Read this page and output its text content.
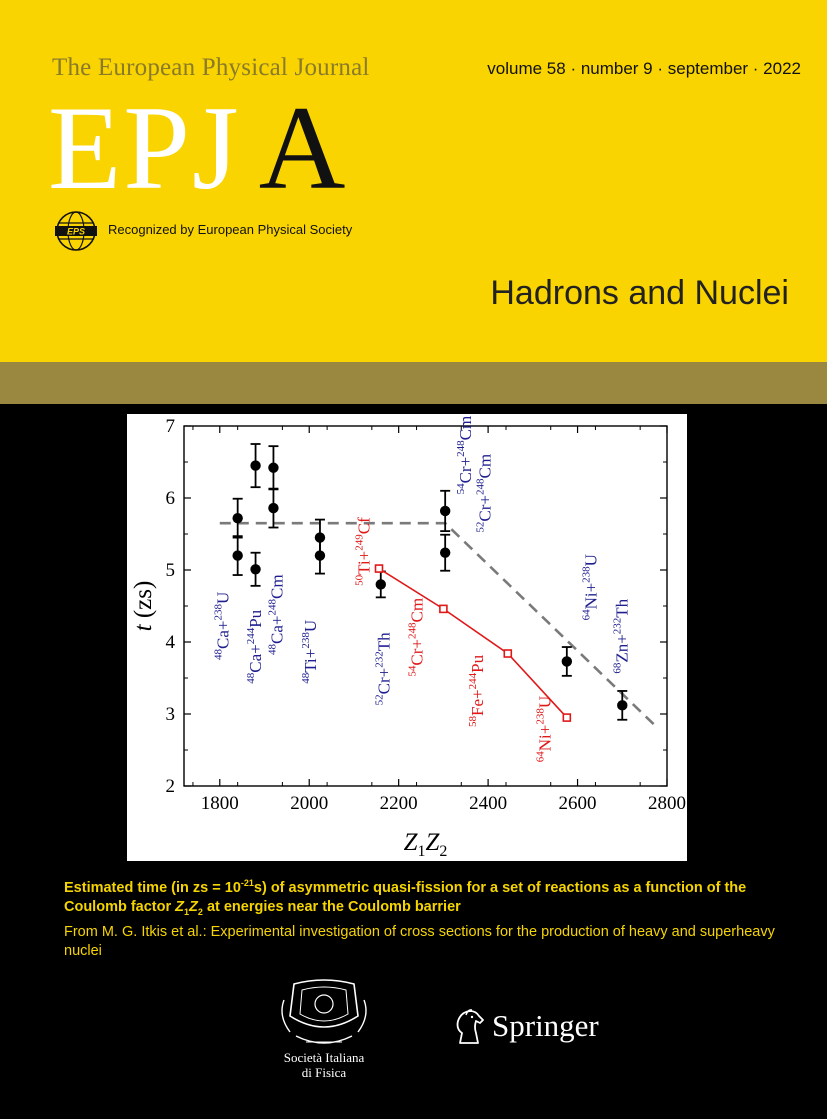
The European Physical Journal	volume 58 · number 9 · september · 2022
EPJ A
EPS Recognized by European Physical Society
Hadrons and Nuclei
1800	2000	2200	2400	2600	2800
2
3
4
5
6
7
$Z_1Z_2$
t (zs)
$^{48}$Ca+$^{238}$U
$^{48}$Ca+$^{244}$Pu
$^{48}$Ca+$^{248}$Cm
$^{48}$Ti+$^{238}$U
$^{50}$Ti+$^{249}$Cf
$^{52}$Cr+$^{232}$Th
$^{54}$Cr+$^{248}$Cm
$^{54}$Cr+$^{248}$Cm
$^{52}$Cr+$^{248}$Cm
$^{58}$Fe+$^{244}$Pu
$^{64}$Ni+$^{238}$U
$^{64}$Ni+$^{238}$U
$^{68}$Zn+$^{232}$Th
Estimated time (in zs = $10^{-21}s$) of asymmetric quasi-fission for a set of reactions as a function of the Coulomb factor $Z_1Z_2$ at energies near the Coulomb barrier
From M. G. Itkis et al.: Experimental investigation of cross sections for the production of heavy and superheavy nuclei
Società Italiana
di Fisica
Springer
